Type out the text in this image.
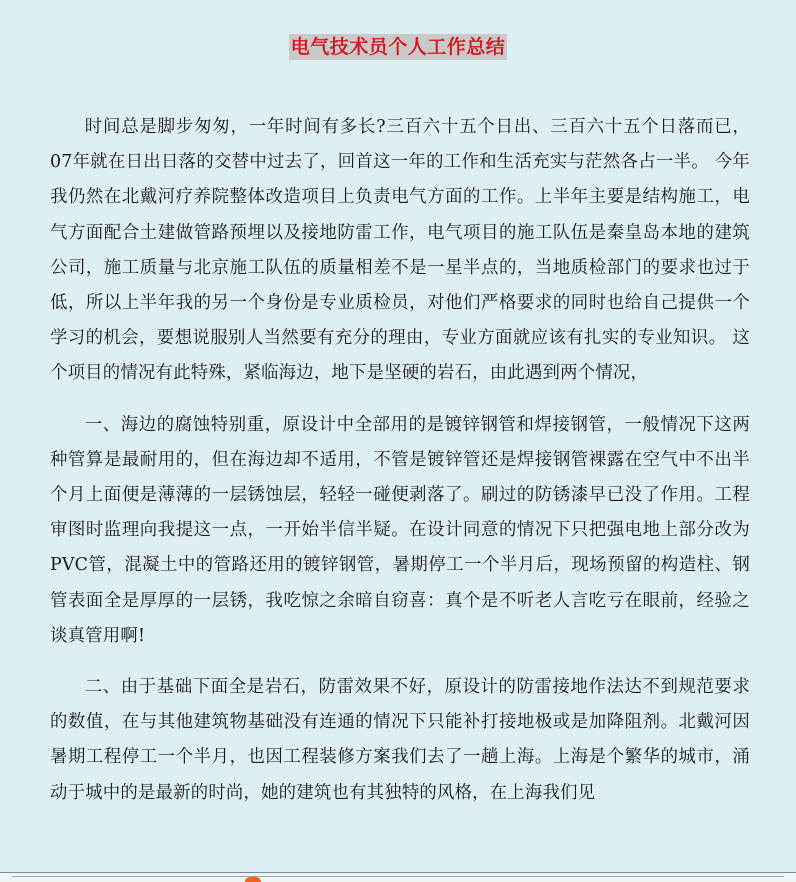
电气技术员个人工作总结

时间总是脚步匆匆，一年时间有多长?三百六十五个日出、三百六十五个日落而已，07年就在日出日落的交替中过去了，回首这一年的工作和生活充实与茫然各占一半。 今年我仍然在北戴河疗养院整体改造项目上负责电气方面的工作。上半年主要是结构施工，电气方面配合土建做管路预埋以及接地防雷工作，电气项目的施工队伍是秦皇岛本地的建筑公司，施工质量与北京施工队伍的质量相差不是一星半点的，当地质检部门的要求也过于低，所以上半年我的另一个身份是专业质检员，对他们严格要求的同时也给自己提供一个学习的机会，要想说服别人当然要有充分的理由，专业方面就应该有扎实的专业知识。 这个项目的情况有此特殊，紧临海边，地下是坚硬的岩石，由此遇到两个情况，

一、海边的腐蚀特别重，原设计中全部用的是镀锌钢管和焊接钢管，一般情况下这两种管算是最耐用的，但在海边却不适用，不管是镀锌管还是焊接钢管裸露在空气中不出半个月上面便是薄薄的一层锈蚀层，轻轻一碰便剥落了。刷过的防锈漆早已没了作用。工程审图时监理向我提这一点，一开始半信半疑。在设计同意的情况下只把强电地上部分改为PVC管，混凝土中的管路还用的镀锌钢管，暑期停工一个半月后，现场预留的构造柱、钢管表面全是厚厚的一层锈，我吃惊之余暗自窃喜：真个是不听老人言吃亏在眼前，经验之谈真管用啊!

二、由于基础下面全是岩石，防雷效果不好，原设计的防雷接地作法达不到规范要求的数值，在与其他建筑物基础没有连通的情况下只能补打接地极或是加降阻剂。北戴河因暑期工程停工一个半月，也因工程装修方案我们去了一趟上海。上海是个繁华的城市，涌动于城中的是最新的时尚，她的建筑也有其独特的风格，在上海我们见
